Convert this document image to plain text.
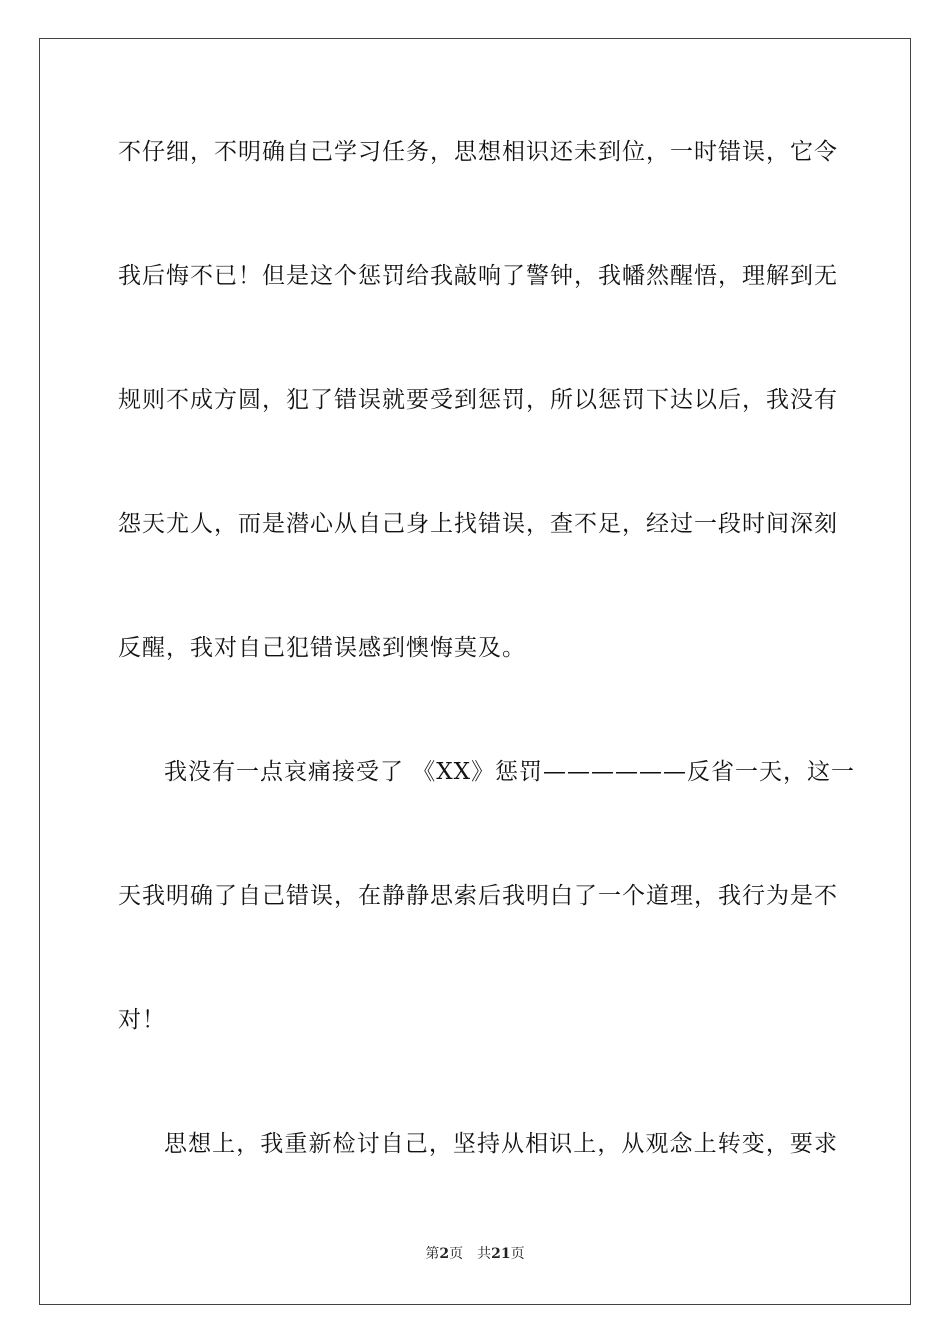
不仔细，不明确自己学习任务，思想相识还未到位，一时错误，它令
我后悔不已！但是这个惩罚给我敲响了警钟，我幡然醒悟，理解到无
规则不成方圆，犯了错误就要受到惩罚，所以惩罚下达以后，我没有
怨天尤人，而是潜心从自己身上找错误，查不足，经过一段时间深刻
反醒，我对自己犯错误感到懊悔莫及。
我没有一点哀痛接受了 《XX》惩罚——————反省一天，这一
天我明确了自己错误，在静静思索后我明白了一个道理，我行为是不
对！
思想上，我重新检讨自己，坚持从相识上，从观念上转变，要求
第2页 共21页
